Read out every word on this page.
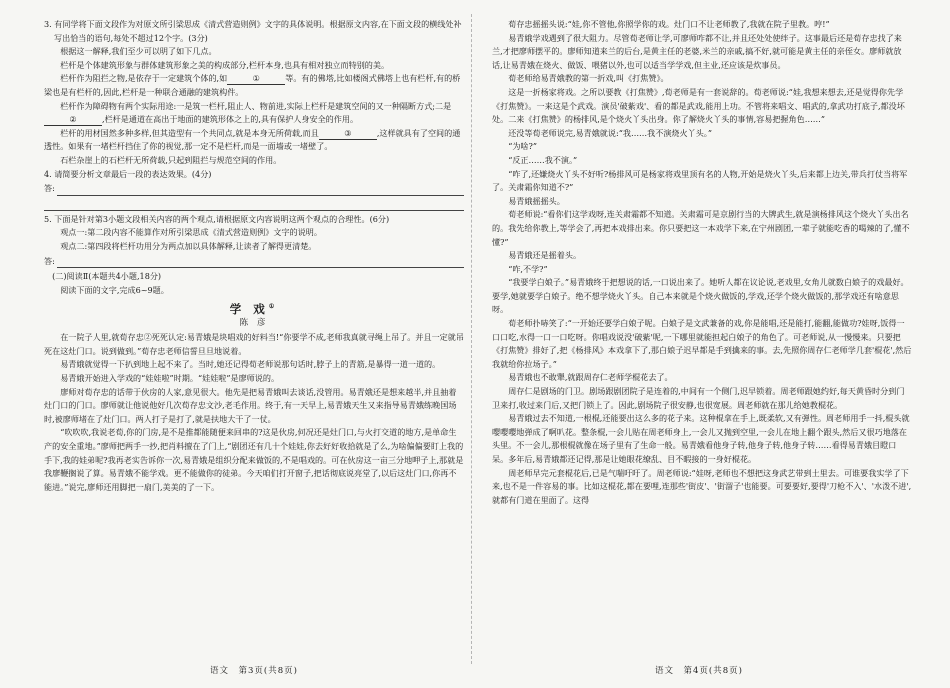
3. 有同学将下面文段作为对原文所引梁思成《清式营造则例》文字的具体说明。根据原文内容,在下面文段的横线处补写出恰当的语句,每处不超过12个字。(3分)

根据这一解释,我们至少可以明了如下几点。

栏杆是个体建筑形象与群体建筑形象之美的构成部分,栏杆本身,也具有相对独立而特别的美。

栏杆作为阻拦之物,是依存于一定建筑个体的,如	①	等。有的佛塔,比如楼阁式佛塔上也有栏杆,有的桥梁也是有栏杆的,因此,栏杆是一种联合通融的建筑构件。

栏杆作为障碍物有两个实际用途:一是筑一栏杆,阻止人、物前进,实际上栏杆是建筑空间的又一种隔断方式;二是②	,栏杆是通道在高出于地面的建筑形体之上的,具有保护人身安全的作用。

栏杆的用材国然多种多样,但其造型有一个共同点,就是本身无所荷载,而且	③	,这样就具有了空间的通透性。如果有一堵栏杆挡住了你的视觉,那一定不是栏杆,而是一面墙或一堵壁了。

石栏杂崖上的石栏杆无所荷载,只起到阻拦与规范空间的作用。

4. 请简要分析文章最后一段的表达效果。(4分)

答:

5. 下面是针对第3小题文段相关内容的两个观点,请根据原文内容说明这两个观点的合理性。(6分)

观点一:第二段内容不能算作对所引梁思成《清式营造则例》文字的说明。

观点二:第四段将栏杆功用分为两点加以具体解释,让读者了解得更清楚。

答:

(二)阅读Ⅱ(本题共4小题,18分)

阅读下面的文字,完成6~9题。

学 戏①
陈 彦

在一院子人里,就荀存忠②死死认定:易青娥是块唱戏的好料当!“你要学不成,老师我真就寻绳上吊了。并且一定就吊死在这灶门口。说到做到。”荀存忠老师信誓旦旦地说着。

易青娥就觉得一下扒到地上起不来了。当时,她还记得荀老师说那句话时,脖子上的青筋,是暴得一道一道的。

易青娥开始进入学戏的“娃娃啦”时期。“娃娃啦”是廖师说的。

廖师对荀存忠的话带于伙房的人家,意见很大。他先是把易青娥叫去谈话,没管用。易青娥还是想来越半,并且抽着灶门口的门口。廖师就让他说他好几次荀存忠文沙,老毛作用。终于,有一天早上,易青娥天生又来指导易青娥练晚国场时,被廖师堵在了灶门口。两人打子是打了,就是扶地大干了一仗。

“吹吹吹,我说老荀,你的门房,是不是推都能随便来回串的?这是伙房,何况还是灶门口,与火打交道的地方,是单命生产的安全重地。”廖师把两手一抄,把肖料擅在了门上,“剧团还有几十个娃娃,你去好好收拾就是了么,为啥偏偏要盯上我的手下,我的娃弟呢?我再老实告诉你一次,易青娥是组织分配来做饭的,不是唱戏的。可在伙房这一亩三分地呷子上,那就是我廖鞭搁说了算。易青娥不能学戏。更不能做你的徒弟。今天咱们打开窗子,把话彻底说亮堂了,以后这灶门口,你再不能进。”说完,廖师还用脚把一扇门,美美的了一下。

荀存忠摇摇头说:“娃,你不管他,你照学你的戏。灶门口不让老师教了,我就在院子里教。哼!”

易青娥学戏遇到了很大阻力。尽管荀老师让学,可廖师咋都不让,并且还处处使绊子。这事最后还是荀存忠找了来兰,才把廖师摆平的。廖师知道来兰的后台,是黄主任的老婆,米兰的亲戚,搞不好,就可能是黄主任的亲侄女。廖师就放话,让易青娥在烧火、做饭、喂猪以外,也可以适当学学戏,但主业,还应该是炊事员。

荀老师给易青娥教的第一折戏,叫《打焦赞》。

这是一折杨家将戏。之所以要教《打焦赞》,荀老师是有一套说辞的。荀老师说:“娃,我想来想去,还是觉得你先学《打焦赞》。一来这是个武戏。演员'破紫戏'、看的都是武戏,能用上功。不管将来唱文、唱武的,拿武功打底子,都没坏处。二来《打焦赞》的杨排风,是个烧火丫头出身。你了解烧火丫头的事情,容易把握角色……”

还没等荀老师说完,易青娥就说:“我……我不演烧火丫头。”

“为啥?”

“反正……我不演。”

“咋了,还嫌烧火丫头不好听?杨排风可是杨家将戏里顶有名的人物,开始是烧火丫头,后来都上边关,带兵打仗当将军了。关肃霜你知道不?”

易青娥摇摇头。

荀老师说:“看你们这学戏呀,连关肃霜都不知道。关肃霜可是京剧行当的大牌武生,就是演杨排风这个烧火丫头出名的。我先给你教上,等学会了,再把本戏排出来。你只要把这一本戏学下来,在宁州剧团,一辈子就能吃香的喝辣的了,懂不懂?”

易青娥还是摇着头。

“咋,不学?”

“我要学白娘子。”易青娥终于把想说的话,一口说出来了。她听人都在议论说,老戏里,女角儿就数白娘子的戏最好。要学,她就要学白娘子。绝不想学烧火丫头。自己本来就是个烧火做饭的,学戏,还学个烧火做饭的,那学戏还有啥意思呀。

荀老师扑哧笑了:“一开始还要学白娘子呢。白娘子是文武兼备的戏,你是能唱,还是能打,能翻,能做功?娃呀,饭得一口口吃,水得一口一口吃呀。你唱戏说没'破紫'呢,一下哪里就能担起白娘子的角色了。可老师说,从一慢慢来。只要把《打焦赞》排好了,把《杨排风》本戏拿下了,那白娘子迟早都是手到擒来的事。去,先照你周存仁老师学几套'棍花',然后我就给你拉场子。”

易青娥也不敢犟,就跟周存仁老师学棍花去了。

周存仁是剧场的门卫。剧场跟剧团院子是连着的,中间有一个侧门,迟早锁着。周老师跟她约好,每天黄昏时分到门卫来打,收过来门后,又把门锁上了。因此,剧场院子很安静,也很宽展。周老师就在那儿给她教棍花。

易青娥过去不知道,一根棍,还能要出这么多的花子来。这种棍拿在手上,既柔软,又有弹性。周老师用手一抖,棍头就嘤嘤嘤地弹成了啊叭花。整条棍,一会儿贴在周老师身上,一会儿又抛到空里,一会儿在地上翻个跟头,然后又很巧地落在头里。不一会儿,那根棍就像在场子里有了生命一般。易青娥看他身子转,他身子转,他身子转……看得易青娥目瞪口呆。多年后,易青娥都还记得,那是让她眼花缭乱、目不暇接的一身好棍花。

周老师早完元套棍花后,已是气喘吁吁了。周老师说:“娃呀,老师也不想把这身武艺带到土里去。可谁要我实学了下来,也不是一件容易的事。比如这棍花,都在要哩,连那些'街皮'、'街溜子'也能要。可要要好,要得'刀枪不入'、'水泼不进',就都有门道在里面了。这得

语文　第3页(共8页)	语文　第4页(共8页)
